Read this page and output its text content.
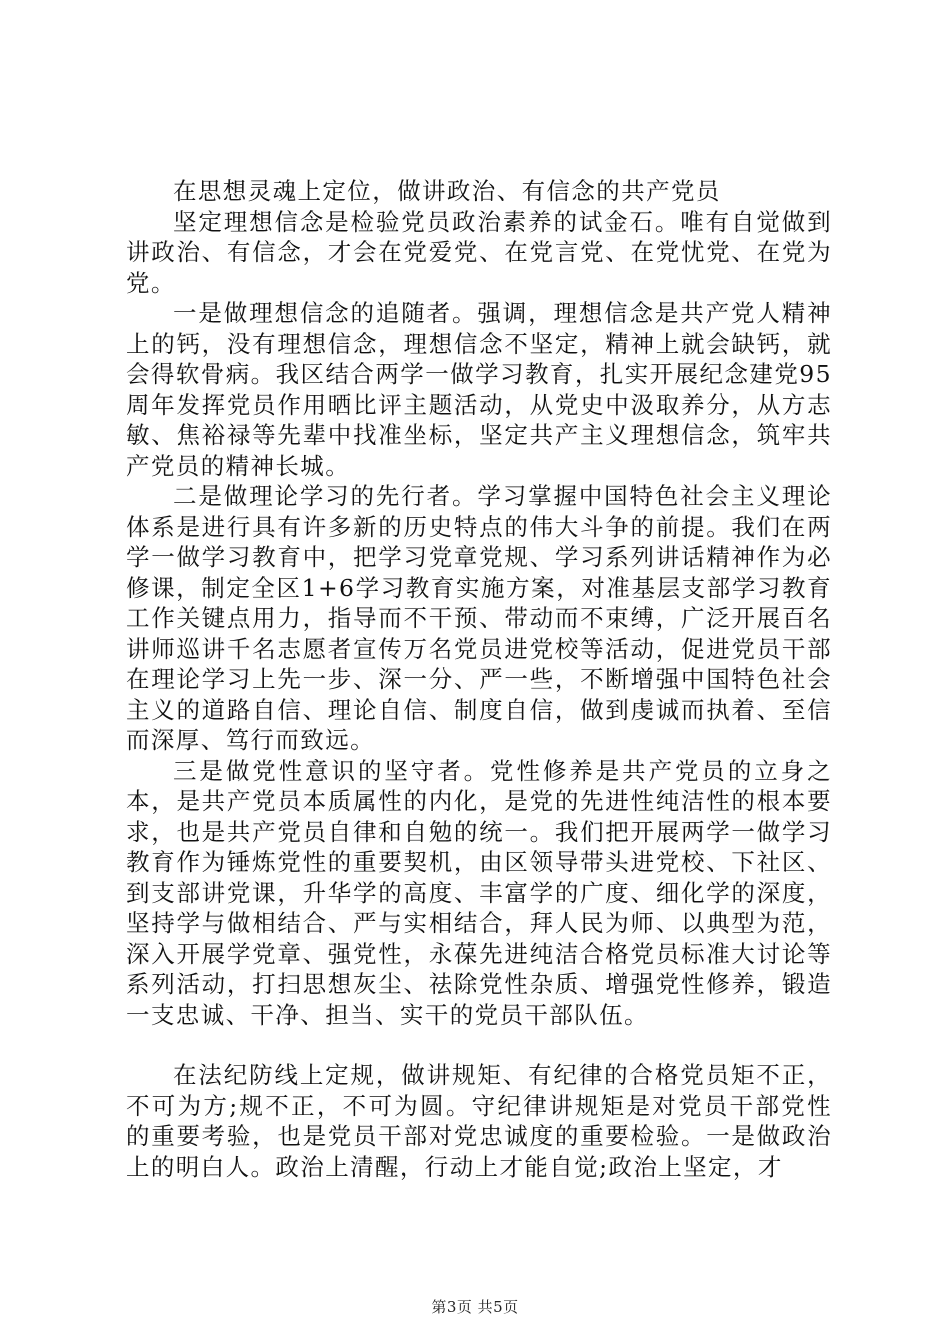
在思想灵魂上定位，做讲政治、有信念的共产党员

坚定理想信念是检验党员政治素养的试金石。唯有自觉做到讲政治、有信念，才会在党爱党、在党言党、在党忧党、在党为党。

一是做理想信念的追随者。强调，理想信念是共产党人精神上的钙，没有理想信念，理想信念不坚定，精神上就会缺钙，就会得软骨病。我区结合两学一做学习教育，扎实开展纪念建党95周年发挥党员作用晒比评主题活动，从党史中汲取养分，从方志敏、焦裕禄等先辈中找准坐标，坚定共产主义理想信念，筑牢共产党员的精神长城。

二是做理论学习的先行者。学习掌握中国特色社会主义理论体系是进行具有许多新的历史特点的伟大斗争的前提。我们在两学一做学习教育中，把学习党章党规、学习系列讲话精神作为必修课，制定全区1+6学习教育实施方案，对准基层支部学习教育工作关键点用力，指导而不干预、带动而不束缚，广泛开展百名讲师巡讲千名志愿者宣传万名党员进党校等活动，促进党员干部在理论学习上先一步、深一分、严一些，不断增强中国特色社会主义的道路自信、理论自信、制度自信，做到虔诚而执着、至信而深厚、笃行而致远。

三是做党性意识的坚守者。党性修养是共产党员的立身之本，是共产党员本质属性的内化，是党的先进性纯洁性的根本要求，也是共产党员自律和自勉的统一。我们把开展两学一做学习教育作为锤炼党性的重要契机，由区领导带头进党校、下社区、到支部讲党课，升华学的高度、丰富学的广度、细化学的深度，坚持学与做相结合、严与实相结合，拜人民为师、以典型为范，深入开展学党章、强党性，永葆先进纯洁合格党员标准大讨论等系列活动，打扫思想灰尘、祛除党性杂质、增强党性修养，锻造一支忠诚、干净、担当、实干的党员干部队伍。

在法纪防线上定规，做讲规矩、有纪律的合格党员矩不正，不可为方;规不正，不可为圆。守纪律讲规矩是对党员干部党性的重要考验，也是党员干部对党忠诚度的重要检验。一是做政治上的明白人。政治上清醒，行动上才能自觉;政治上坚定，才

第3页 共5页
